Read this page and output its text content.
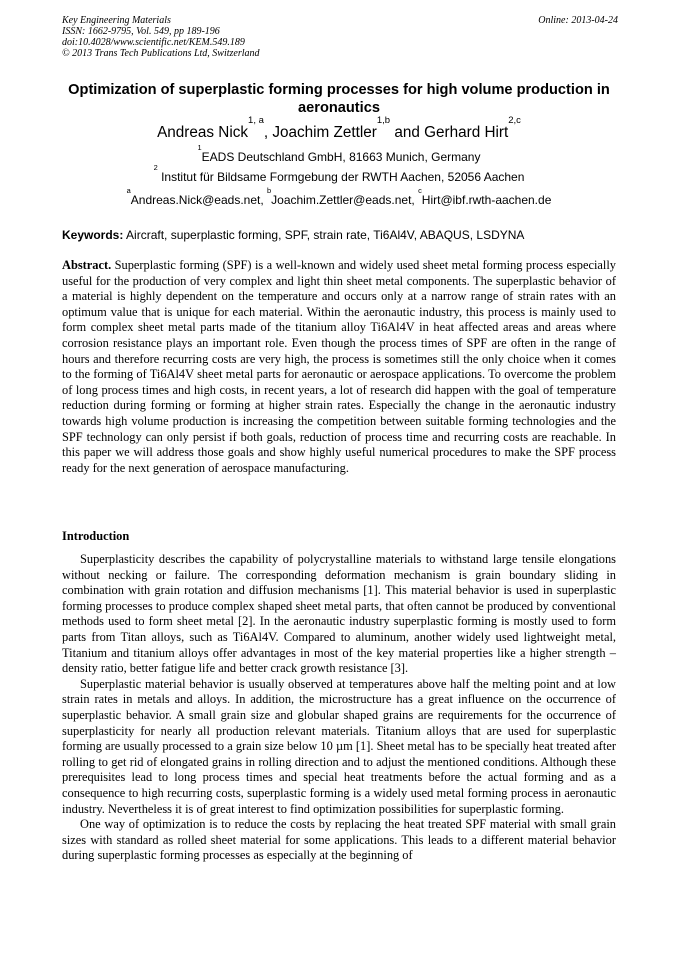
Key Engineering Materials
ISSN: 1662-9795, Vol. 549, pp 189-196
doi:10.4028/www.scientific.net/KEM.549.189
© 2013 Trans Tech Publications Ltd, Switzerland
Online: 2013-04-24
Optimization of superplastic forming processes for high volume production in aeronautics
Andreas Nick$^{1, a}$, Joachim Zettler$^{1,b}$ and Gerhard Hirt$^{2,c}$
$^1$EADS Deutschland GmbH, 81663 Munich, Germany
$^2$ Institut für Bildsame Formgebung der RWTH Aachen, 52056 Aachen
$^a$Andreas.Nick@eads.net, $^b$Joachim.Zettler@eads.net, $^c$Hirt@ibf.rwth-aachen.de
Keywords: Aircraft, superplastic forming, SPF, strain rate, Ti6Al4V, ABAQUS, LSDYNA
Abstract. Superplastic forming (SPF) is a well-known and widely used sheet metal forming process especially useful for the production of very complex and light thin sheet metal components. The superplastic behavior of a material is highly dependent on the temperature and occurs only at a narrow range of strain rates with an optimum value that is unique for each material. Within the aeronautic industry, this process is mainly used to form complex sheet metal parts made of the titanium alloy Ti6Al4V in heat affected areas and areas where corrosion resistance plays an important role. Even though the process times of SPF are often in the range of hours and therefore recurring costs are very high, the process is sometimes still the only choice when it comes to the forming of Ti6Al4V sheet metal parts for aeronautic or aerospace applications. To overcome the problem of long process times and high costs, in recent years, a lot of research did happen with the goal of temperature reduction during forming or forming at higher strain rates. Especially the change in the aeronautic industry towards high volume production is increasing the competition between suitable forming technologies and the SPF technology can only persist if both goals, reduction of process time and recurring costs are reachable. In this paper we will address those goals and show highly useful numerical procedures to make the SPF process ready for the next generation of aerospace manufacturing.
Introduction

Superplasticity describes the capability of polycrystalline materials to withstand large tensile elongations without necking or failure. The corresponding deformation mechanism is grain boundary sliding in combination with grain rotation and diffusion mechanisms [1]. This material behavior is used in superplastic forming processes to produce complex shaped sheet metal parts, that often cannot be produced by conventional methods used to form sheet metal [2]. In the aeronautic industry superplastic forming is mostly used to form parts from Titan alloys, such as Ti6Al4V. Compared to aluminum, another widely used lightweight metal, Titanium and titanium alloys offer advantages in most of the key material properties like a higher strength – density ratio, better fatigue life and better crack growth resistance [3].

Superplastic material behavior is usually observed at temperatures above half the melting point and at low strain rates in metals and alloys. In addition, the microstructure has a great influence on the occurrence of superplastic behavior. A small grain size and globular shaped grains are requirements for the occurrence of superplasticity for nearly all production relevant materials. Titanium alloys that are used for superplastic forming are usually processed to a grain size below 10 µm [1]. Sheet metal has to be specially heat treated after rolling to get rid of elongated grains in rolling direction and to adjust the mentioned conditions. Although these prerequisites lead to long process times and special heat treatments before the actual forming and as a consequence to high recurring costs, superplastic forming is a widely used metal forming process in aeronautic industry. Nevertheless it is of great interest to find optimization possibilities for superplastic forming.

One way of optimization is to reduce the costs by replacing the heat treated SPF material with small grain sizes with standard as rolled sheet material for some applications. This leads to a different material behavior during superplastic forming processes as especially at the beginning of
